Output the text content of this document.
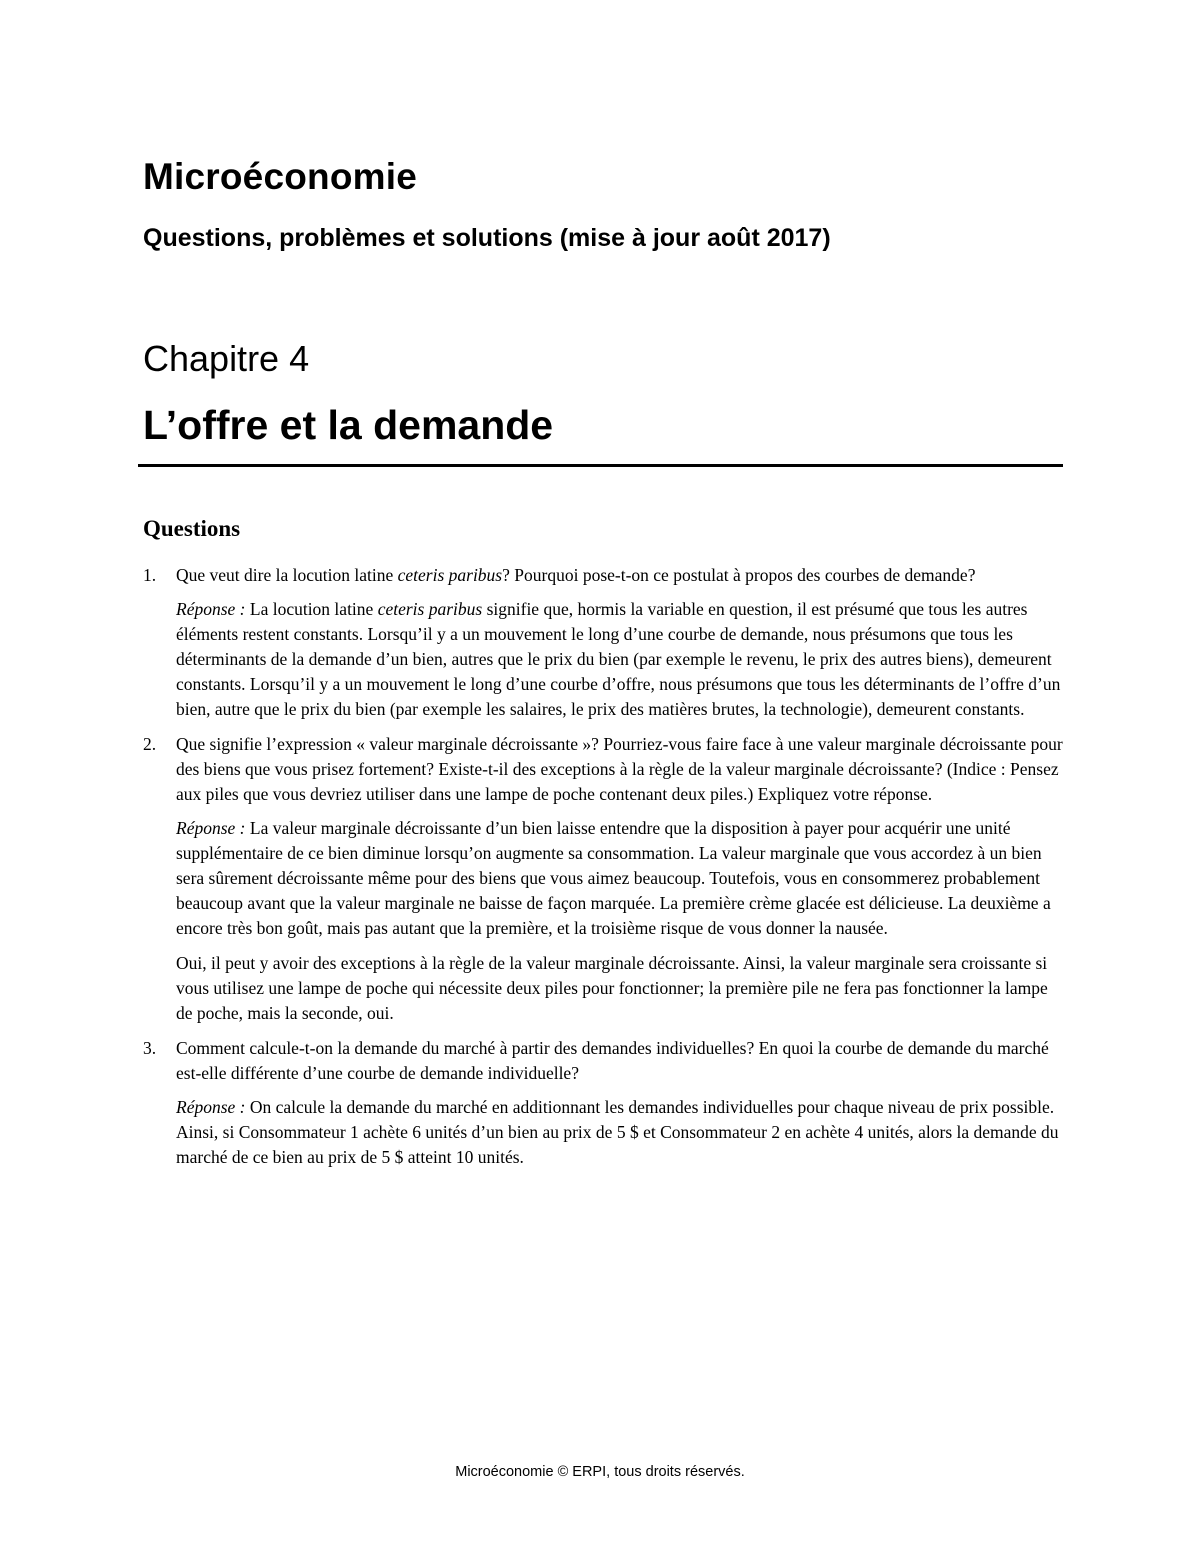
Microéconomie
Questions, problèmes et solutions (mise à jour août 2017)
Chapitre 4
L’offre et la demande
Questions
1. Que veut dire la locution latine ceteris paribus? Pourquoi pose-t-on ce postulat à propos des courbes de demande?

Réponse : La locution latine ceteris paribus signifie que, hormis la variable en question, il est présumé que tous les autres éléments restent constants. Lorsqu’il y a un mouvement le long d’une courbe de demande, nous présumons que tous les déterminants de la demande d’un bien, autres que le prix du bien (par exemple le revenu, le prix des autres biens), demeurent constants. Lorsqu’il y a un mouvement le long d’une courbe d’offre, nous présumons que tous les déterminants de l’offre d’un bien, autre que le prix du bien (par exemple les salaires, le prix des matières brutes, la technologie), demeurent constants.

2. Que signifie l’expression « valeur marginale décroissante »? Pourriez-vous faire face à une valeur marginale décroissante pour des biens que vous prisez fortement? Existe-t-il des exceptions à la règle de la valeur marginale décroissante? (Indice : Pensez aux piles que vous devriez utiliser dans une lampe de poche contenant deux piles.) Expliquez votre réponse.

Réponse : La valeur marginale décroissante d’un bien laisse entendre que la disposition à payer pour acquérir une unité supplémentaire de ce bien diminue lorsqu’on augmente sa consommation. La valeur marginale que vous accordez à un bien sera sûrement décroissante même pour des biens que vous aimez beaucoup. Toutefois, vous en consommerez probablement beaucoup avant que la valeur marginale ne baisse de façon marquée. La première crème glacée est délicieuse. La deuxième a encore très bon goût, mais pas autant que la première, et la troisième risque de vous donner la nausée.

Oui, il peut y avoir des exceptions à la règle de la valeur marginale décroissante. Ainsi, la valeur marginale sera croissante si vous utilisez une lampe de poche qui nécessite deux piles pour fonctionner; la première pile ne fera pas fonctionner la lampe de poche, mais la seconde, oui.

3. Comment calcule-t-on la demande du marché à partir des demandes individuelles? En quoi la courbe de demande du marché est-elle différente d’une courbe de demande individuelle?

Réponse : On calcule la demande du marché en additionnant les demandes individuelles pour chaque niveau de prix possible. Ainsi, si Consommateur 1 achète 6 unités d’un bien au prix de 5 $ et Consommateur 2 en achète 4 unités, alors la demande du marché de ce bien au prix de 5 $ atteint 10 unités.

Microéconomie © ERPI, tous droits réservés.
